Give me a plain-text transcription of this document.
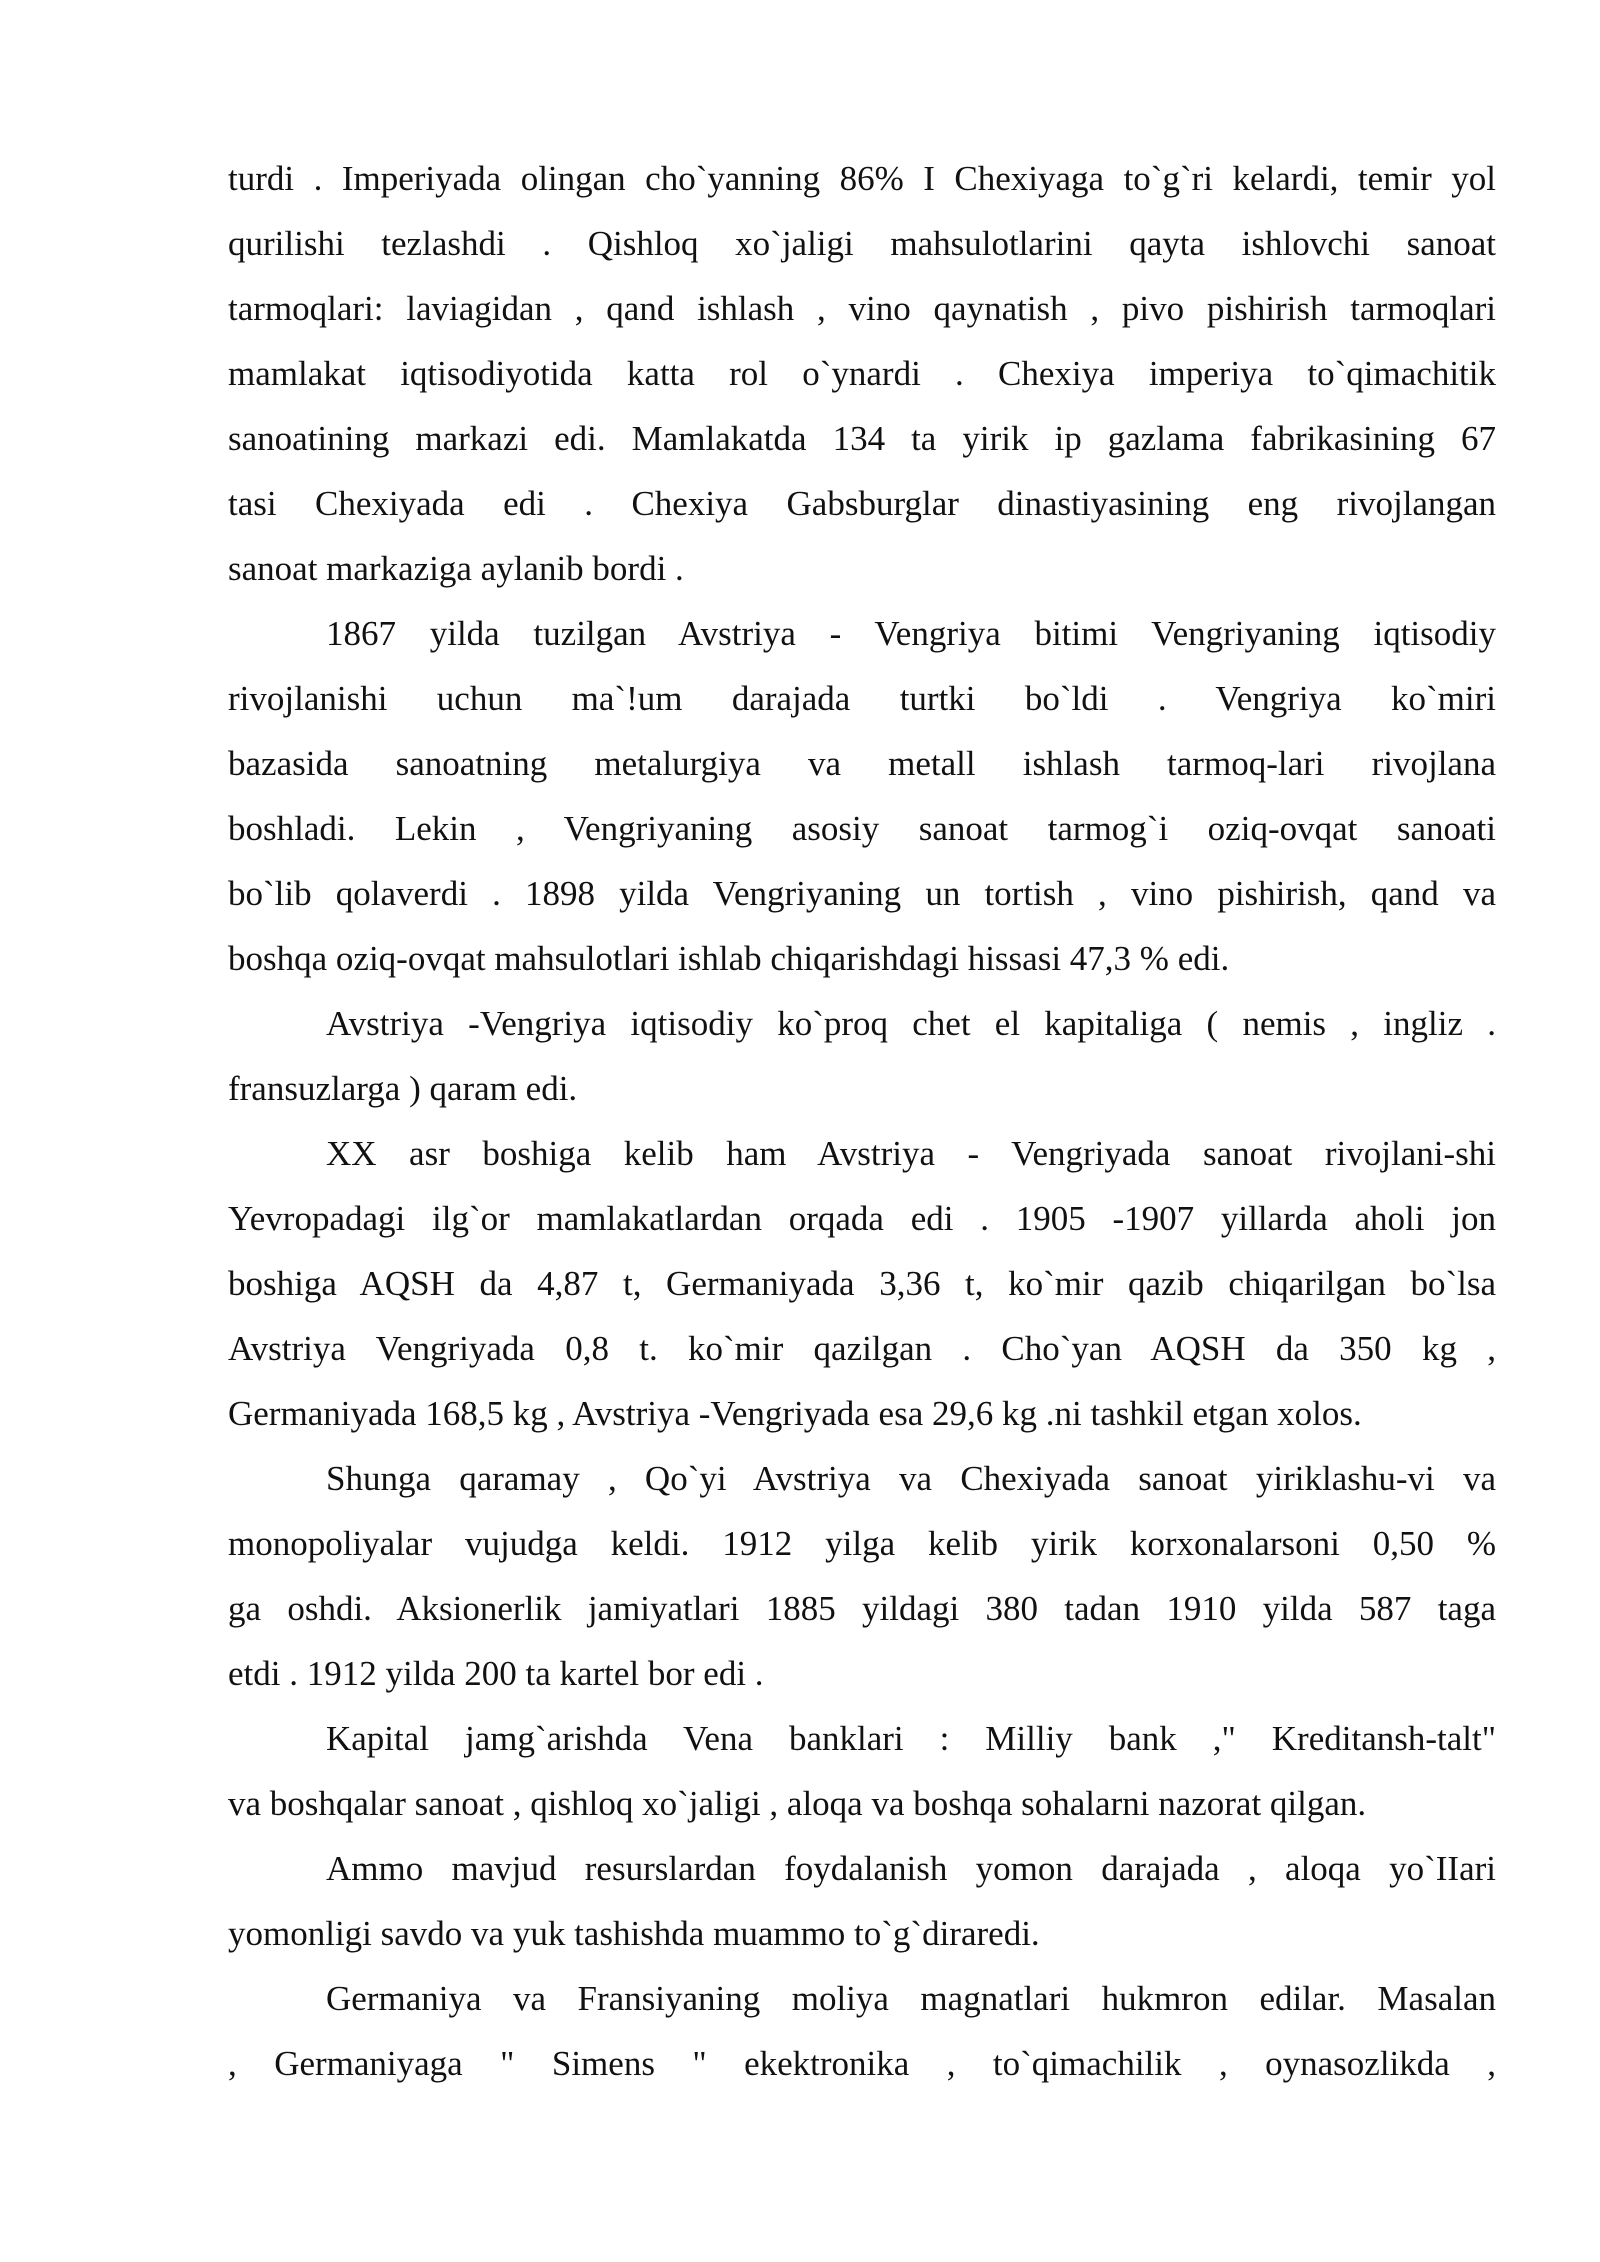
turdi . Imperiyada olingan cho`yanning 86% I Chexiyaga to`g`ri kelardi, temir yol
qurilishi tezlashdi . Qishloq xo`jaligi mahsulotlarini qayta ishlovchi sanoat
tarmoqlari: laviagidan , qand ishlash , vino qaynatish , pivo pishirish tarmoqlari
mamlakat iqtisodiyotida katta rol o`ynardi . Chexiya imperiya to`qimachitik
sanoatining markazi edi. Mamlakatda 134 ta yirik ip gazlama fabrikasining 67
tasi Chexiyada edi . Chexiya Gabsburglar dinastiyasining eng rivojlangan
sanoat markaziga aylanib bordi .
1867 yilda tuzilgan Avstriya - Vengriya bitimi Vengriyaning iqtisodiy
rivojlanishi uchun ma`!um darajada turtki bo`ldi . Vengriya ko`miri
bazasida sanoatning metalurgiya va metall ishlash tarmoq-lari rivojlana
boshladi. Lekin , Vengriyaning asosiy sanoat tarmog`i oziq-ovqat sanoati
bo`lib qolaverdi . 1898 yilda Vengriyaning un tortish , vino pishirish, qand va
boshqa oziq-ovqat mahsulotlari ishlab chiqarishdagi hissasi 47,3 % edi.
Avstriya -Vengriya iqtisodiy ko`proq chet el kapitaliga ( nemis , ingliz .
fransuzlarga ) qaram edi.
XX asr boshiga kelib ham Avstriya - Vengriyada sanoat rivojlani-shi
Yevropadagi ilg`or mamlakatlardan orqada edi . 1905 -1907 yillarda aholi jon
boshiga AQSH da 4,87 t, Germaniyada 3,36 t, ko`mir qazib chiqarilgan bo`lsa
Avstriya Vengriyada 0,8 t. ko`mir qazilgan . Cho`yan AQSH da 350 kg ,
Germaniyada 168,5 kg , Avstriya -Vengriyada esa 29,6 kg .ni tashkil etgan xolos.
Shunga qaramay , Qo`yi Avstriya va Chexiyada sanoat yiriklashu-vi va
monopoliyalar vujudga keldi. 1912 yilga kelib yirik korxonalarsoni 0,50 %
ga oshdi. Aksionerlik jamiyatlari 1885 yildagi 380 tadan 1910 yilda 587 taga
etdi . 1912 yilda 200 ta kartel bor edi .
Kapital jamg`arishda Vena banklari : Milliy bank ," Kreditansh-talt"
va boshqalar sanoat , qishloq xo`jaligi , aloqa va boshqa sohalarni nazorat qilgan.
Ammo mavjud resurslardan foydalanish yomon darajada , aloqa yo`IIari
yomonligi savdo va yuk tashishda muammo to`g`diraredi.
Germaniya va Fransiyaning moliya magnatlari hukmron edilar. Masalan
, Germaniyaga " Simens " ekektronika , to`qimachilik , oynasozlikda ,
